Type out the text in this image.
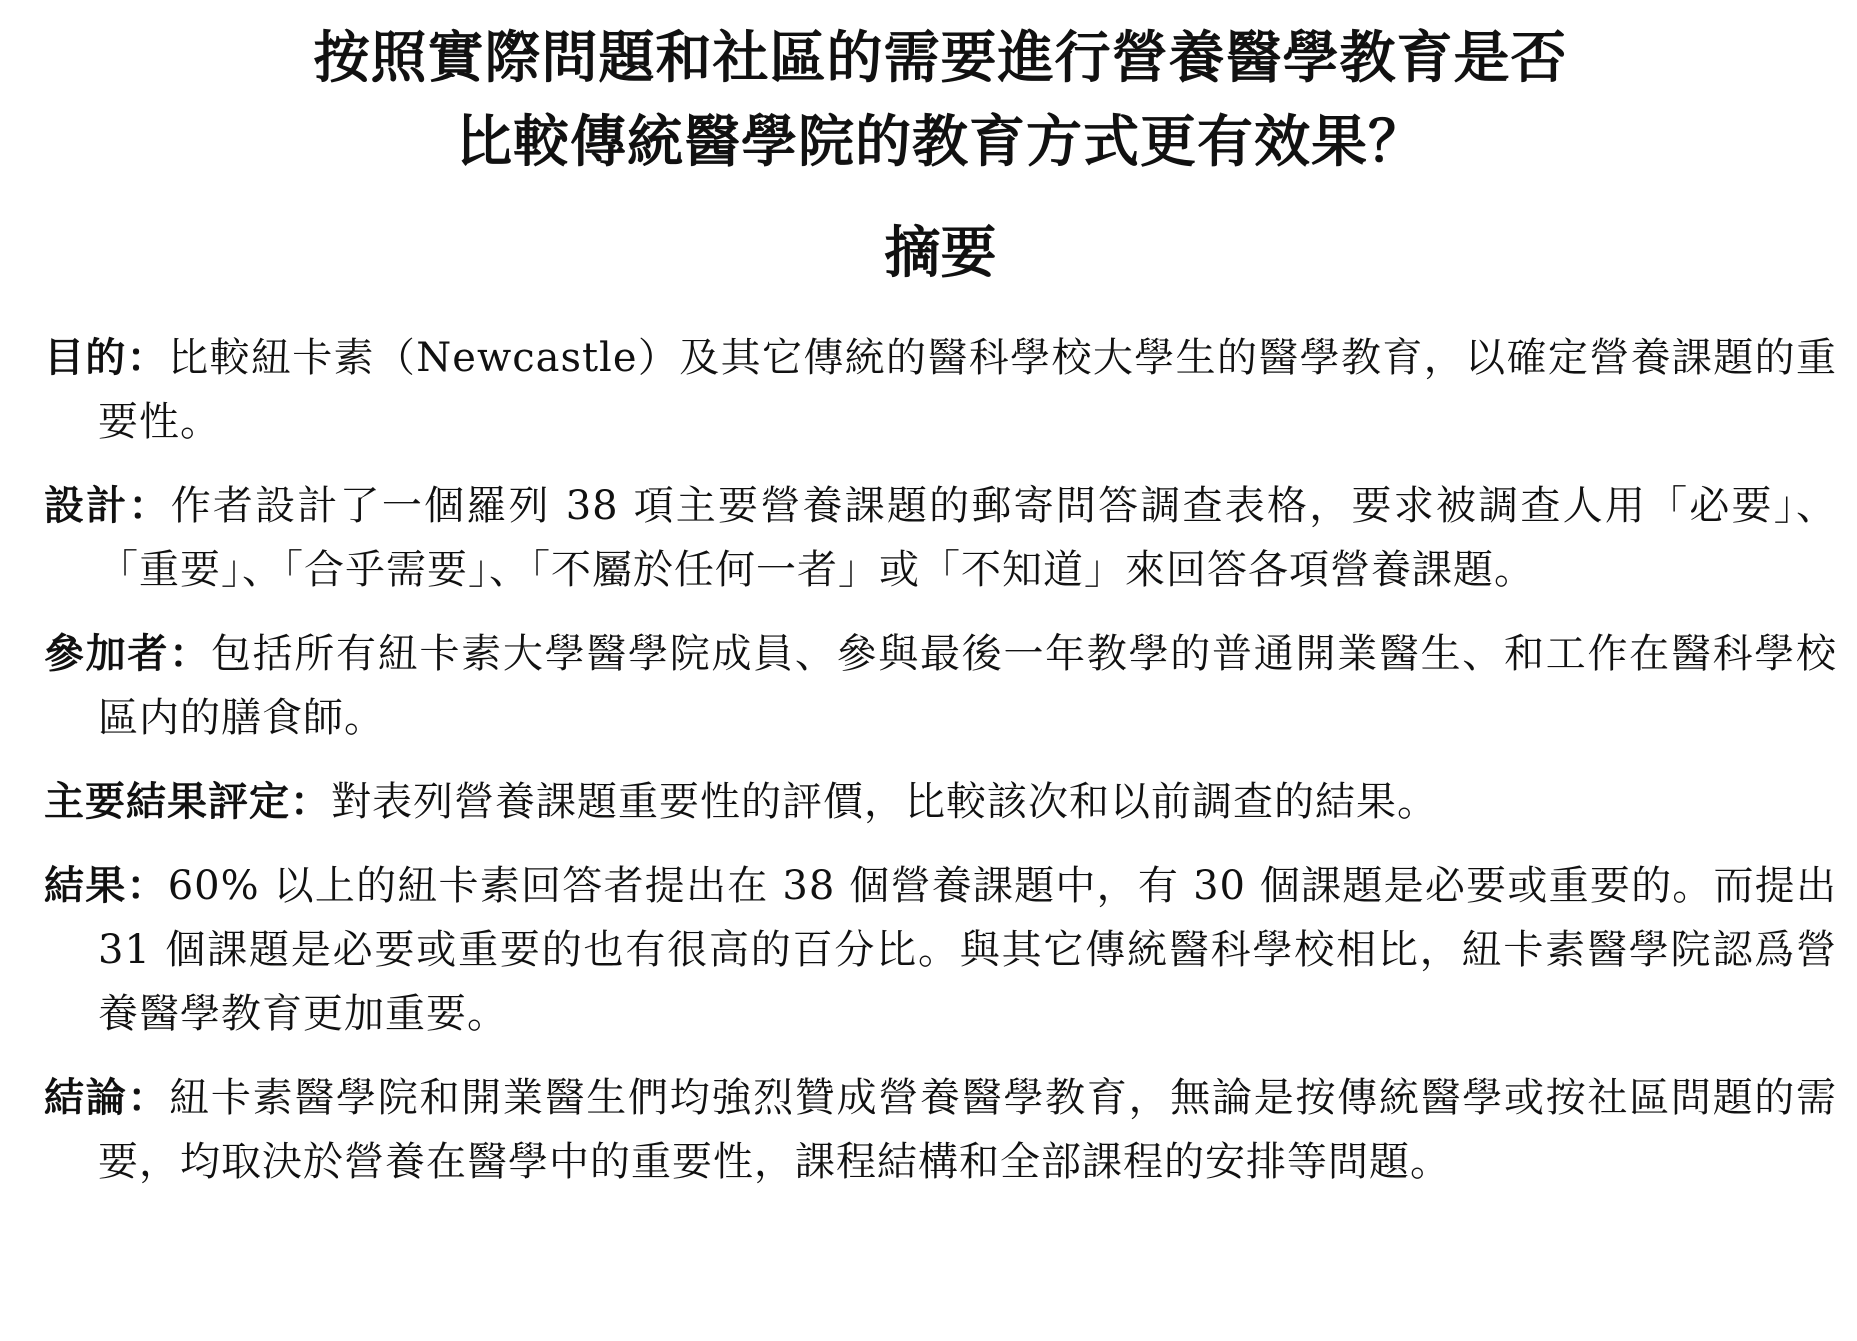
按照實際問題和社區的需要進行營養醫學教育是否
比較傳統醫學院的教育方式更有效果？
摘要

目的：比較紐卡素（Newcastle）及其它傳統的醫科學校大學生的醫學教育，以確定營養課題的重要性。

設計：作者設計了一個羅列 38 項主要營養課題的郵寄問答調查表格，要求被調查人用「必要」、「重要」、「合乎需要」、「不屬於任何一者」或「不知道」來回答各項營養課題。

參加者：包括所有紐卡素大學醫學院成員、參與最後一年教學的普通開業醫生、和工作在醫科學校區内的膳食師。

主要結果評定：對表列營養課題重要性的評價，比較該次和以前調查的結果。

結果：60% 以上的紐卡素回答者提出在 38 個營養課題中，有 30 個課題是必要或重要的。而提出 31 個課題是必要或重要的也有很高的百分比。與其它傳統醫科學校相比，紐卡素醫學院認爲營養醫學教育更加重要。

結論：紐卡素醫學院和開業醫生們均強烈贊成營養醫學教育，無論是按傳統醫學或按社區問題的需要，均取決於營養在醫學中的重要性，課程結構和全部課程的安排等問題。
